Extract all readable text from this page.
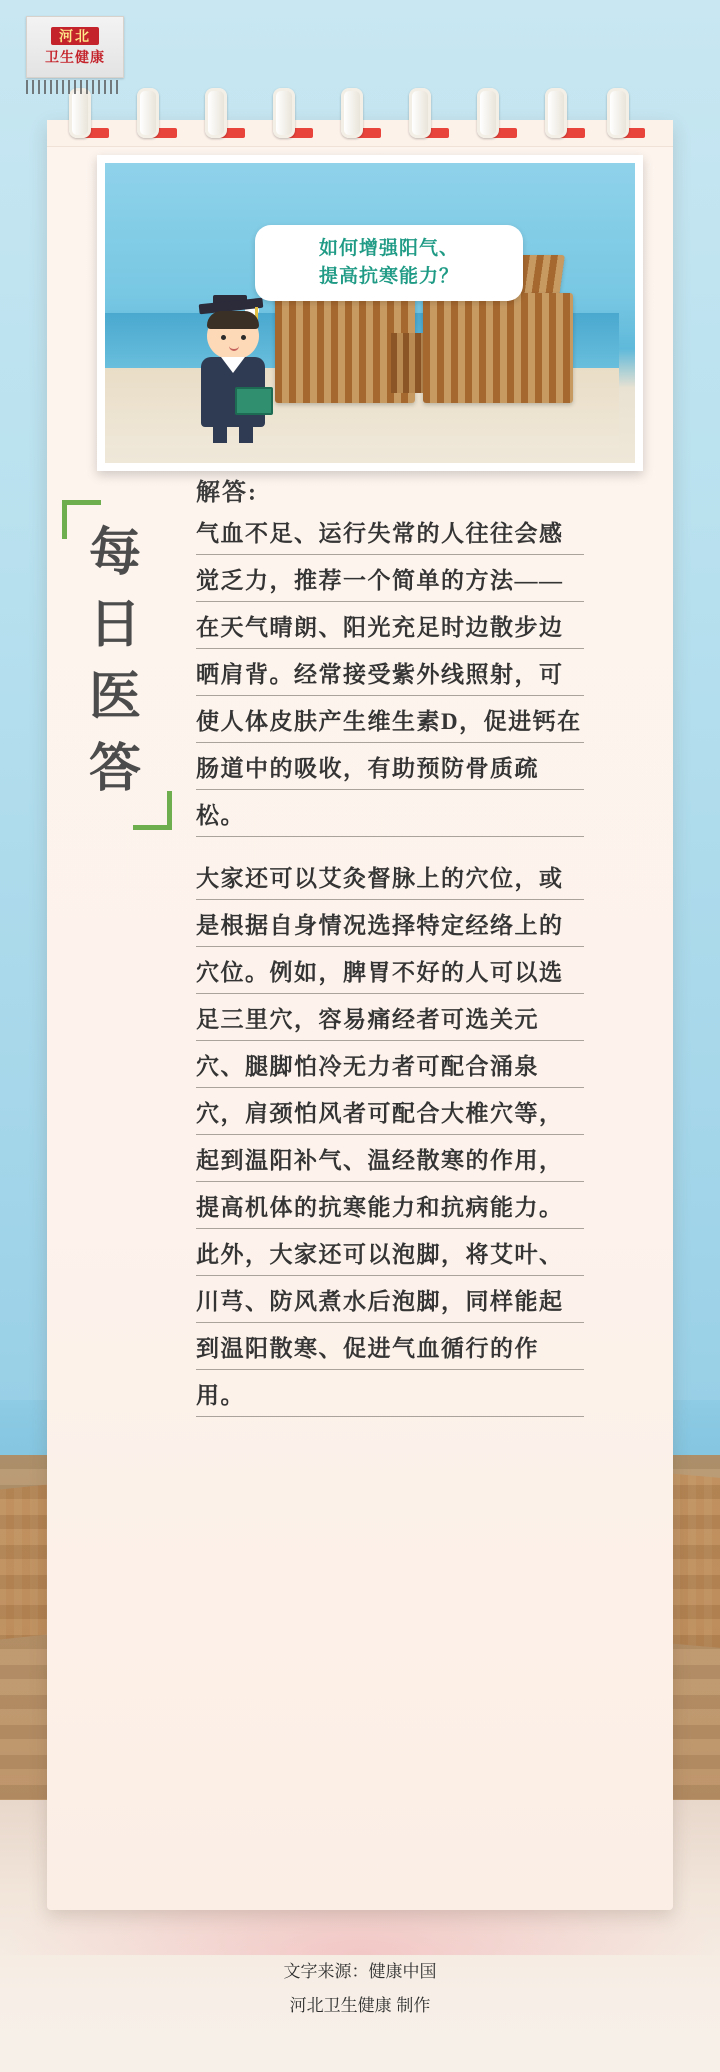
河北
卫生健康
如何增强阳气、
提高抗寒能力？
每日医答
解答:
气血不足、运行失常的人往往会感觉乏力，推荐一个简单的方法——在天气晴朗、阳光充足时边散步边晒肩背。经常接受紫外线照射，可使人体皮肤产生维生素D，促进钙在肠道中的吸收，有助预防骨质疏松。
大家还可以艾灸督脉上的穴位，或是根据自身情况选择特定经络上的穴位。例如，脾胃不好的人可以选足三里穴，容易痛经者可选关元穴、腿脚怕冷无力者可配合涌泉穴，肩颈怕风者可配合大椎穴等，起到温阳补气、温经散寒的作用，提高机体的抗寒能力和抗病能力。此外，大家还可以泡脚，将艾叶、川芎、防风煮水后泡脚，同样能起到温阳散寒、促进气血循行的作用。
文字来源：健康中国
河北卫生健康 制作
